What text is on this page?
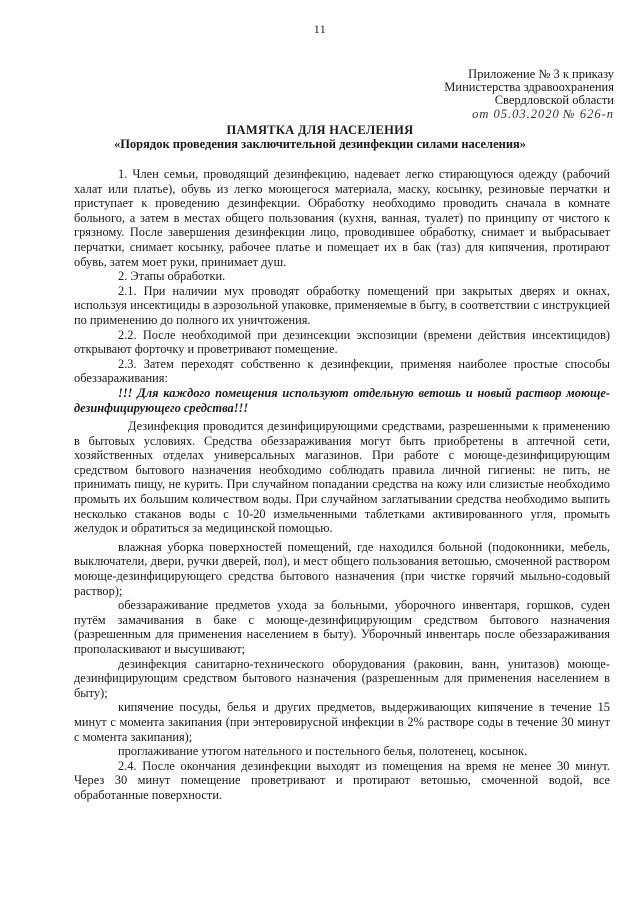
11
Приложение № 3 к приказу
Министерства здравоохранения
Свердловской области
от 05.03.2020 № 626-п
ПАМЯТКА ДЛЯ НАСЕЛЕНИЯ
«Порядок проведения заключительной дезинфекции силами населения»

1. Член семьи, проводящий дезинфекцию, надевает легко стирающуюся одежду (рабочий халат или платье), обувь из легко моющегося материала, маску, косынку, резиновые перчатки и приступает к проведению дезинфекции. Обработку необходимо проводить сначала в комнате больного, а затем в местах общего пользования (кухня, ванная, туалет) по принципу от чистого к грязному. После завершения дезинфекции лицо, проводившее обработку, снимает и выбрасывает перчатки, снимает косынку, рабочее платье и помещает их в бак (таз) для кипячения, протирают обувь, затем моет руки, принимает душ.

2. Этапы обработки.

2.1. При наличии мух проводят обработку помещений при закрытых дверях и окнах, используя инсектициды в аэрозольной упаковке, применяемые в быту, в соответствии с инструкцией по применению до полного их уничтожения.

2.2. После необходимой при дезинсекции экспозиции (времени действия инсектицидов) открывают форточку и проветривают помещение.

2.3. Затем переходят собственно к дезинфекции, применяя наиболее простые способы обеззараживания:

!!! Для каждого помещения используют отдельную ветошь и новый раствор моюще-дезинфицирующего средства!!!

Дезинфекция проводится дезинфицирующими средствами, разрешенными к применению в бытовых условиях. Средства обеззараживания могут быть приобретены в аптечной сети, хозяйственных отделах универсальных магазинов. При работе с моюще-дезинфицирующим средством бытового назначения необходимо соблюдать правила личной гигиены: не пить, не принимать пищу, не курить. При случайном попадании средства на кожу или слизистые необходимо промыть их большим количеством воды. При случайном заглатывании средства необходимо выпить несколько стаканов воды с 10-20 измельченными таблетками активированного угля, промыть желудок и обратиться за медицинской помощью.

влажная уборка поверхностей помещений, где находился больной (подоконники, мебель, выключатели, двери, ручки дверей, пол), и мест общего пользования ветошью, смоченной раствором моюще-дезинфицирующего средства бытового назначения (при чистке горячий мыльно-содовый раствор);

обеззараживание предметов ухода за больными, уборочного инвентаря, горшков, суден путём замачивания в баке с моюще-дезинфицирующим средством бытового назначения (разрешенным для применения населением в быту). Уборочный инвентарь после обеззараживания прополаскивают и высушивают;

дезинфекция санитарно-технического оборудования (раковин, ванн, унитазов) моюще-дезинфицирующим средством бытового назначения (разрешенным для применения населением в быту);

кипячение посуды, белья и других предметов, выдерживающих кипячение в течение 15 минут с момента закипания (при энтеровирусной инфекции в 2% растворе соды в течение 30 минут с момента закипания);

проглаживание утюгом нательного и постельного белья, полотенец, косынок.

2.4. После окончания дезинфекции выходят из помещения на время не менее 30 минут. Через 30 минут помещение проветривают и протирают ветошью, смоченной водой, все обработанные поверхности.
